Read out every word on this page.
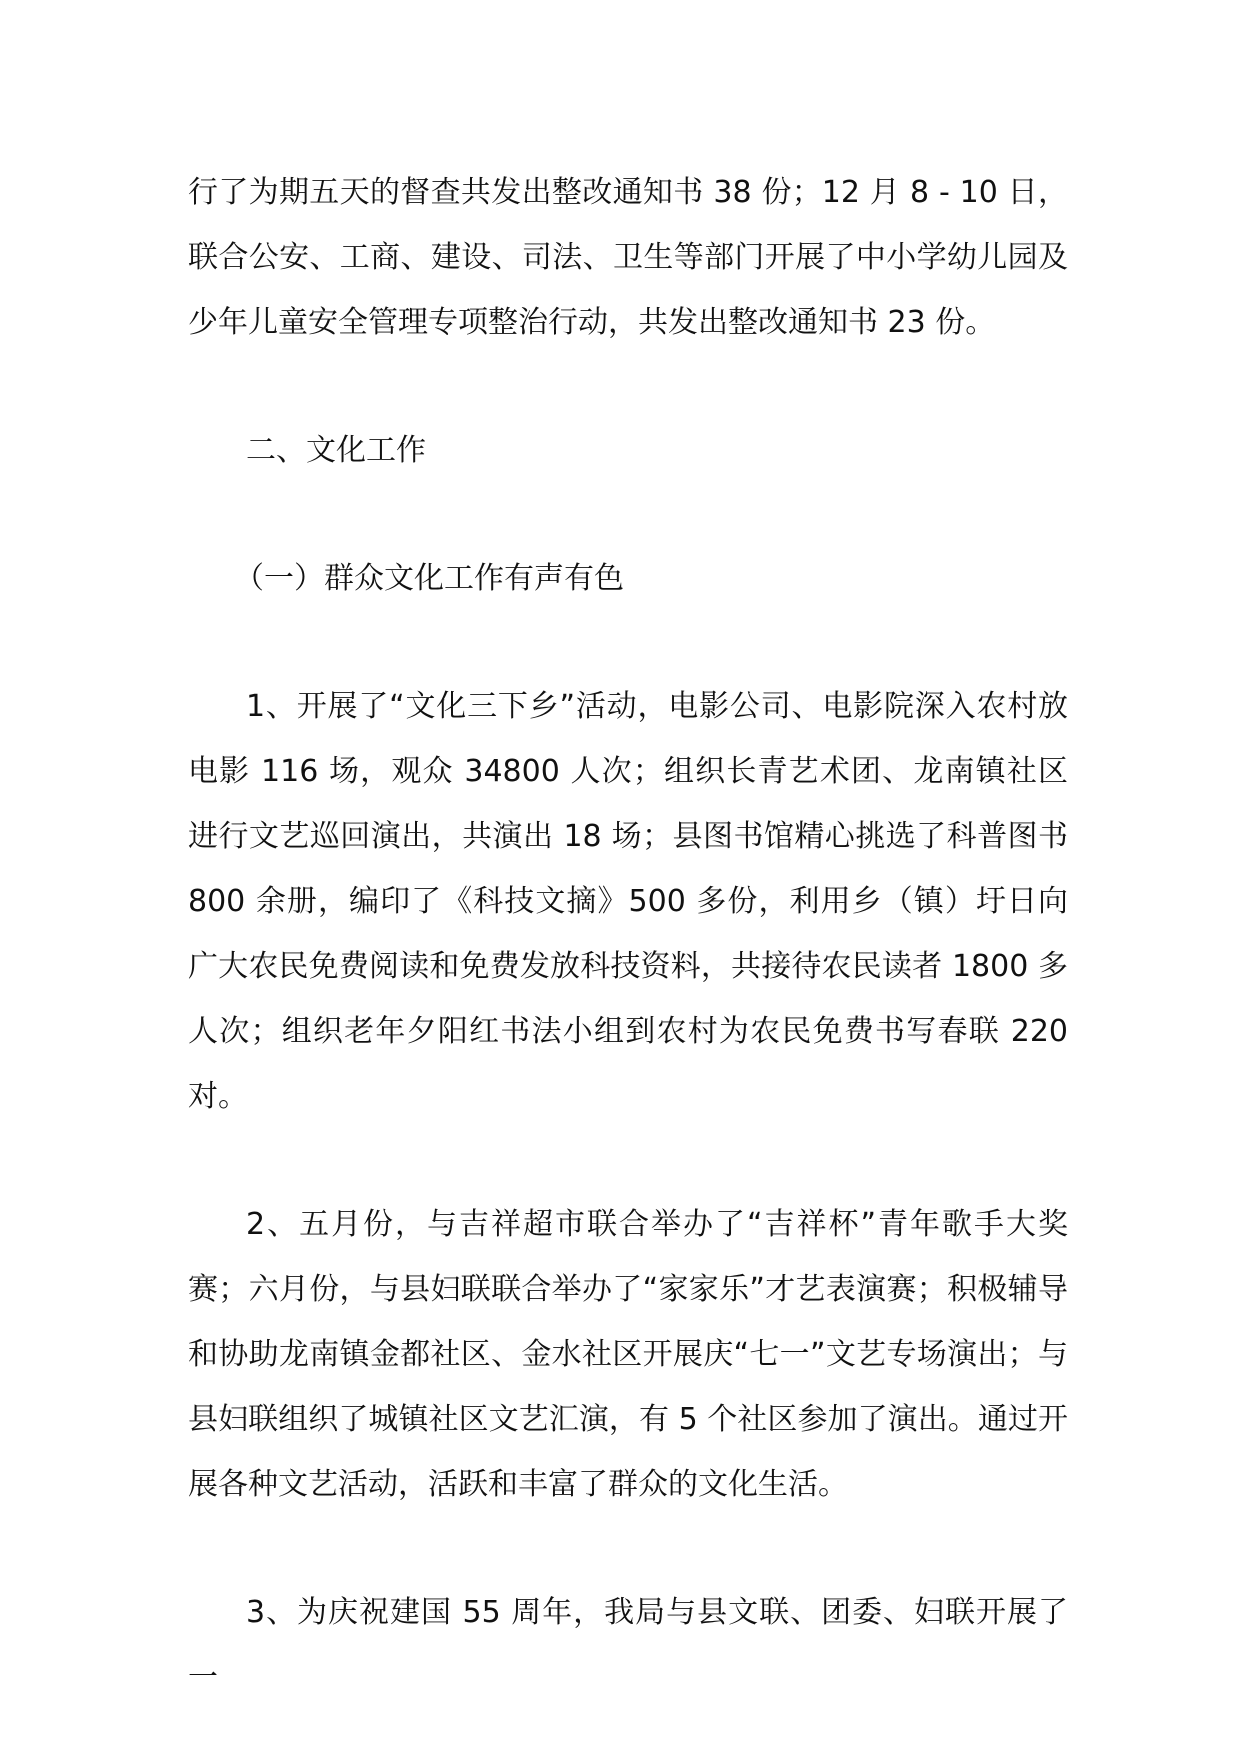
行了为期五天的督查共发出整改通知书 38 份；12 月 8 - 10 日，联合公安、工商、建设、司法、卫生等部门开展了中小学幼儿园及少年儿童安全管理专项整治行动，共发出整改通知书 23 份。

二、文化工作

（一）群众文化工作有声有色

1、开展了“文化三下乡”活动，电影公司、电影院深入农村放电影 116 场，观众 34800 人次；组织长青艺术团、龙南镇社区进行文艺巡回演出，共演出 18 场；县图书馆精心挑选了科普图书 800 余册，编印了《科技文摘》500 多份，利用乡（镇）圩日向广大农民免费阅读和免费发放科技资料，共接待农民读者 1800 多人次；组织老年夕阳红书法小组到农村为农民免费书写春联 220 对。

2、五月份，与吉祥超市联合举办了“吉祥杯”青年歌手大奖赛；六月份，与县妇联联合举办了“家家乐”才艺表演赛；积极辅导和协助龙南镇金都社区、金水社区开展庆“七一”文艺专场演出；与县妇联组织了城镇社区文艺汇演，有 5 个社区参加了演出。通过开展各种文艺活动，活跃和丰富了群众的文化生活。

3、为庆祝建国 55 周年，我局与县文联、团委、妇联开展了一
